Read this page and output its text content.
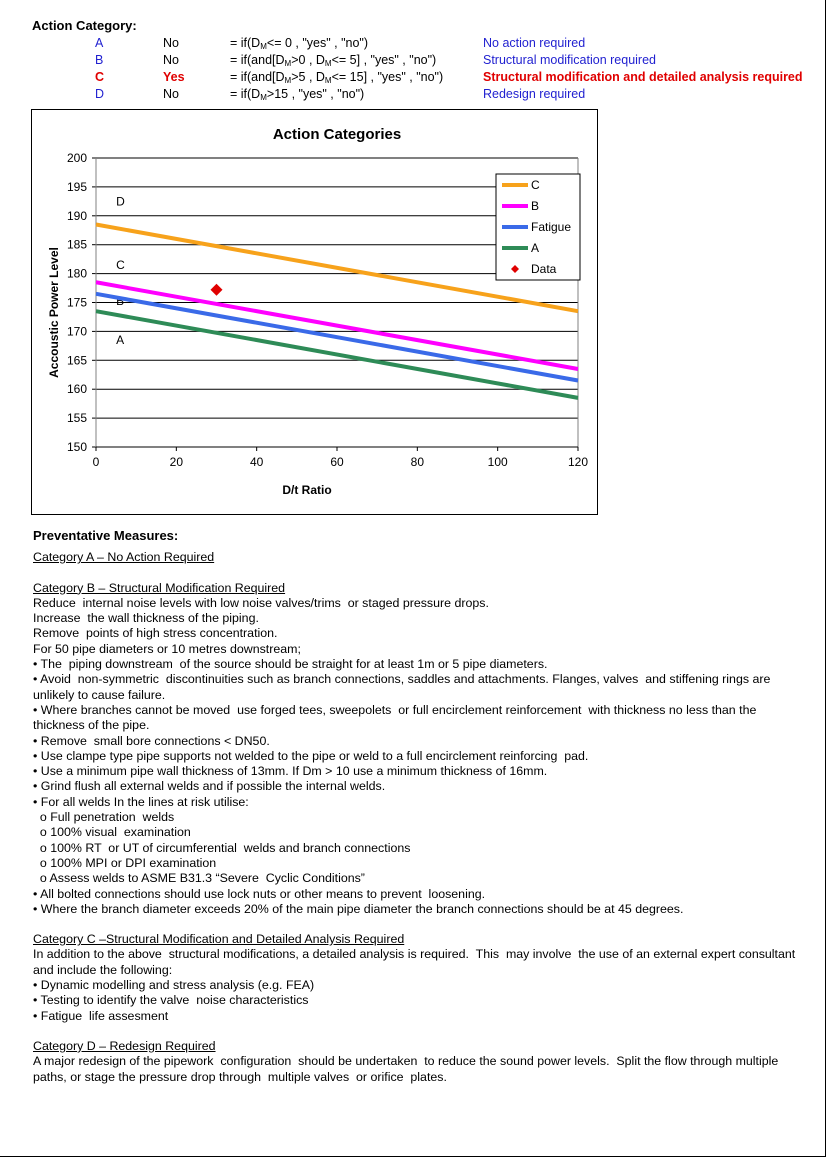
Action Category:
A	No	= $if(D_M<= 0$ , "yes" , "no")	No action required
B	No	= $if(and[D_M>0$ , $D_M<= 5$] , "yes" , "no")	Structural modification required
C	Yes	= $if(and[D_M>5$ , $D_M<= 15$] , "yes" , "no")	Structural modification and detailed analysis required
D	No	= $if(D_M>15$ , "yes" , "no")	Redesign required
Action Categories
150
155
160
165
170
175
180
185
190
195
200
0	20	40	60	80	100	120
D/t Ratio
Accoustic Power Level
D
C
B
A
C
B
Fatigue
A
Data
Preventative Measures:

Category A – No Action Required

Category B – Structural Modification Required

Reduce  internal noise levels with low noise valves/trims  or staged pressure drops.

Increase  the wall thickness of the piping.

Remove  points of high stress concentration.

For 50 pipe diameters or 10 metres downstream;

• The  piping downstream  of the source should be straight for at least 1m or 5 pipe diameters.

• Avoid  non-symmetric  discontinuities such as branch connections, saddles and attachments. Flanges, valves  and stiffening rings are unlikely to cause failure.

• Where branches cannot be moved  use forged tees, sweepolets  or full encirclement reinforcement  with thickness no less than the thickness of the pipe.

• Remove  small bore connections < DN50.

• Use clampe type pipe supports not welded to the pipe or weld to a full encirclement reinforcing  pad.

• Use a minimum pipe wall thickness of 13mm. If Dm > 10 use a minimum thickness of 16mm.

• Grind flush all external welds and if possible the internal welds.

• For all welds In the lines at risk utilise:

o Full penetration  welds

o 100% visual  examination

o 100% RT  or UT of circumferential  welds and branch connections

o 100% MPI or DPI examination

o Assess welds to ASME B31.3 “Severe  Cyclic Conditions”

• All bolted connections should use lock nuts or other means to prevent  loosening.

• Where the branch diameter exceeds 20% of the main pipe diameter the branch connections should be at 45 degrees.

Category C –Structural Modification and Detailed Analysis Required

In addition to the above  structural modifications, a detailed analysis is required.  This  may involve  the use of an external expert consultant and include the following:

• Dynamic modelling and stress analysis (e.g. FEA)

• Testing to identify the valve  noise characteristics

• Fatigue  life assesment

Category D – Redesign Required

A major redesign of the pipework  configuration  should be undertaken  to reduce the sound power levels.  Split the flow through multiple paths, or stage the pressure drop through  multiple valves  or orifice  plates.
